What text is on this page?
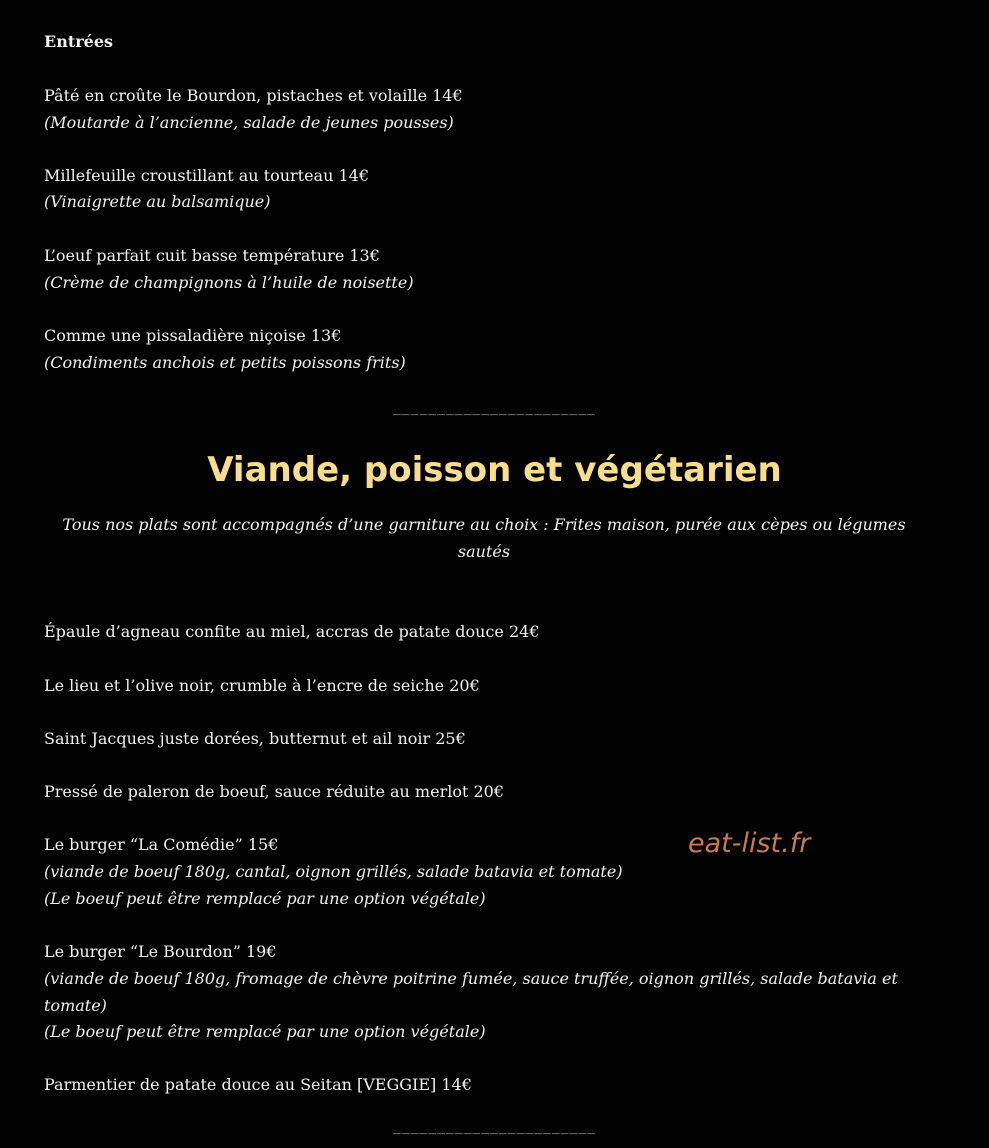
Entrées
Pâté en croûte le Bourdon, pistaches et volaille 14€
(Moutarde à l’ancienne, salade de jeunes pousses)
Millefeuille croustillant au tourteau 14€
(Vinaigrette au balsamique)
L’oeuf parfait cuit basse température 13€
(Crème de champignons à l’huile de noisette)
Comme une pissaladière niçoise 13€
(Condiments anchois et petits poissons frits)
_______________________
Viande, poisson et végétarien
Tous nos plats sont accompagnés d’une garniture au choix : Frites maison, purée aux cèpes ou légumes
sautés
Épaule d’agneau confite au miel, accras de patate douce 24€
Le lieu et l’olive noir, crumble à l’encre de seiche 20€
Saint Jacques juste dorées, butternut et ail noir 25€
Pressé de paleron de boeuf, sauce réduite au merlot 20€
Le burger “La Comédie” 15€
(viande de boeuf 180g, cantal, oignon grillés, salade batavia et tomate)
(Le boeuf peut être remplacé par une option végétale)
Le burger “Le Bourdon” 19€
(viande de boeuf 180g, fromage de chèvre poitrine fumée, sauce truffée, oignon grillés, salade batavia et
tomate)
(Le boeuf peut être remplacé par une option végétale)
Parmentier de patate douce au Seitan [VEGGIE] 14€
_______________________
eat-list.fr
